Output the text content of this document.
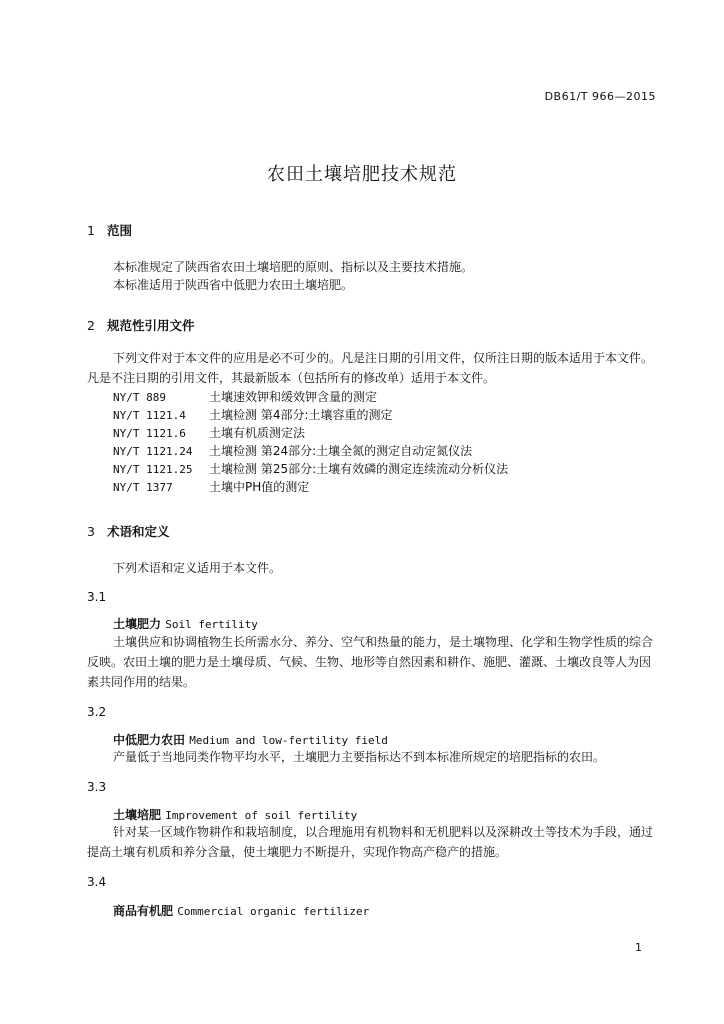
DB61/T 966—2015
农田土壤培肥技术规范
1 范围
本标准规定了陕西省农田土壤培肥的原则、指标以及主要技术措施。
本标准适用于陕西省中低肥力农田土壤培肥。
2 规范性引用文件
下列文件对于本文件的应用是必不可少的。凡是注日期的引用文件，仅所注日期的版本适用于本文件。凡是不注日期的引用文件，其最新版本（包括所有的修改单）适用于本文件。
NY/T 889	土壤速效钾和缓效钾含量的测定
NY/T 1121.4 土壤检测 第4部分:土壤容重的测定
NY/T 1121.6 土壤有机质测定法
NY/T 1121.24 土壤检测 第24部分:土壤全氮的测定自动定氮仪法
NY/T 1121.25 土壤检测 第25部分:土壤有效磷的测定连续流动分析仪法
NY/T 1377	土壤中PH值的测定
3 术语和定义
下列术语和定义适用于本文件。
3.1
土壤肥力 Soil fertility
土壤供应和协调植物生长所需水分、养分、空气和热量的能力，是土壤物理、化学和生物学性质的综合反映。农田土壤的肥力是土壤母质、气候、生物、地形等自然因素和耕作、施肥、灌溉、土壤改良等人为因素共同作用的结果。
3.2
中低肥力农田 Medium and low-fertility field
产量低于当地同类作物平均水平，土壤肥力主要指标达不到本标准所规定的培肥指标的农田。
3.3
土壤培肥 Improvement of soil fertility
针对某一区域作物耕作和栽培制度，以合理施用有机物料和无机肥料以及深耕改土等技术为手段，通过提高土壤有机质和养分含量，使土壤肥力不断提升，实现作物高产稳产的措施。
3.4
商品有机肥 Commercial organic fertilizer
1
